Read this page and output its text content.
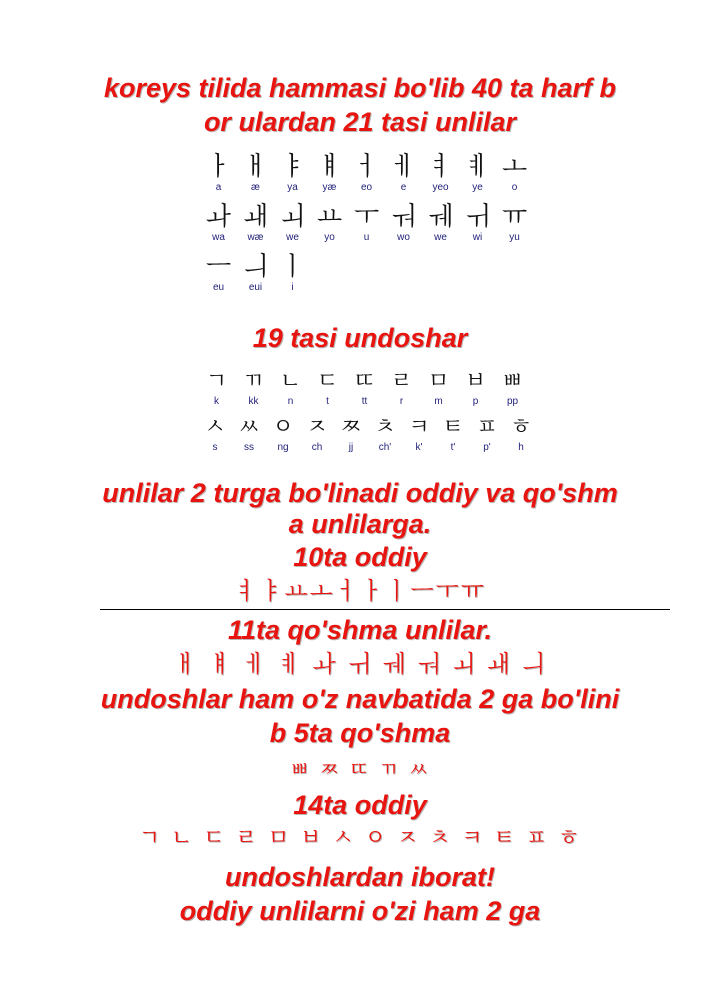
koreys tilida hammasi bo'lib 40 ta harf b
or ulardan 21 tasi unlilar
ㅏ
a
ㅐ
æ
ㅑ
ya
ㅒ
yæ
ㅓ
eo
ㅔ
e
ㅕ
yeo
ㅖ
ye
ㅗ
o
ㅘ
wa
ㅙ
wæ
ㅚ
we
ㅛ
yo
ㅜ
u
ㅝ
wo
ㅞ
we
ㅟ
wi
ㅠ
yu
ㅡ
eu
ㅢ
eui
ㅣ
i
19 tasi undoshar
ㄱ
k
ㄲ
kk
ㄴ
n
ㄷ
t
ㄸ
tt
ㄹ
r
ㅁ
m
ㅂ
p
ㅃ
pp
ㅅ
s
ㅆ
ss
ㅇ
ng
ㅈ
ch
ㅉ
jj
ㅊ
ch'
ㅋ
k'
ㅌ
t'
ㅍ
p'
ㅎ
h
unlilar 2 turga bo'linadi oddiy va qo'shm
a unlilarga.
10ta oddiy
ㅕㅑㅛㅗㅓㅏㅣㅡㅜㅠ
11ta qo'shma unlilar.
ㅐ ㅒ ㅔ ㅖ ㅘ ㅟ ㅞ ㅝ ㅚ ㅙ ㅢ
undoshlar ham o'z navbatida 2 ga bo'lini
b 5ta qo'shma
ㅃ ㅉ ㄸ ㄲ ㅆ
14ta oddiy
ㄱ ㄴ ㄷ ㄹ ㅁ ㅂ ㅅ ㅇ ㅈ ㅊ ㅋ ㅌ ㅍ ㅎ
undoshlardan iborat!
oddiy unlilarni o'zi ham 2 ga
